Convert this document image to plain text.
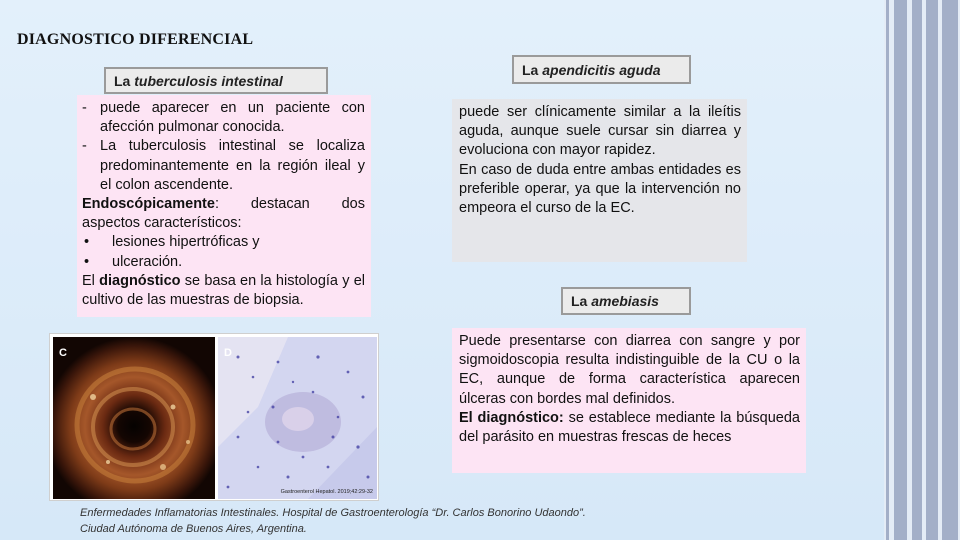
DIAGNOSTICO DIFERENCIAL
La tuberculosis intestinal
- puede aparecer en un paciente con afección pulmonar conocida.
- La tuberculosis intestinal se localiza predominantemente en la región ileal y el colon ascendente.
Endoscópicamente: destacan dos aspectos característicos:
• lesiones hipertróficas y
• ulceración.
El diagnóstico se basa en la histología y el cultivo de las muestras de biopsia.
La apendicitis aguda
puede ser clínicamente similar a la ileítis aguda, aunque suele cursar sin diarrea y evoluciona con mayor rapidez.
En caso de duda entre ambas entidades es preferible operar, ya que la intervención no empeora el curso de la EC.
La amebiasis
Puede presentarse con diarrea con sangre y por sigmoidoscopia resulta indistinguible de la CU o la EC, aunque de forma característica aparecen úlceras con bordes mal definidos.
El diagnóstico: se establece mediante la búsqueda del parásito en muestras frescas de heces
C	D
Gastroenterol Hepatol. 2019;42:29-32
Enfermedades Inflamatorias Intestinales. Hospital de Gastroenterología “Dr. Carlos Bonorino Udaondo”.
Ciudad Autónoma de Buenos Aires, Argentina.
